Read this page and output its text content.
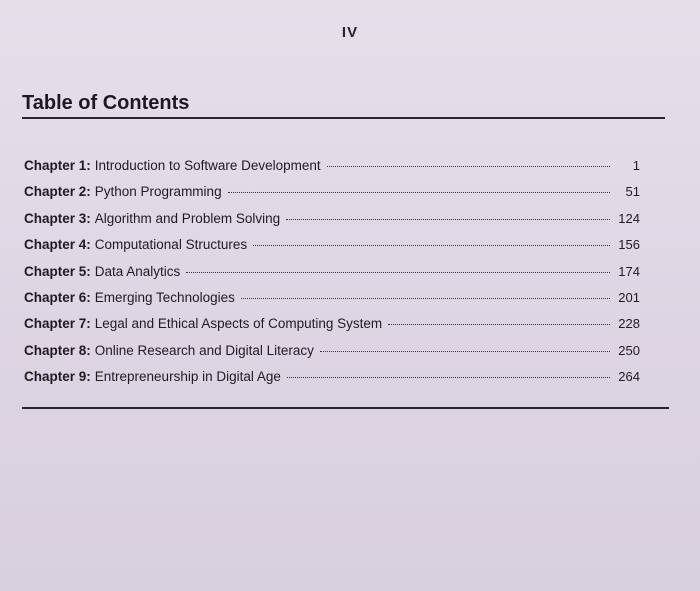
IV
Table of Contents
Chapter 1: Introduction to Software Development	1
Chapter 2: Python Programming	51
Chapter 3: Algorithm and Problem Solving	124
Chapter 4: Computational Structures	156
Chapter 5: Data Analytics	174
Chapter 6: Emerging Technologies	201
Chapter 7: Legal and Ethical Aspects of Computing System	228
Chapter 8: Online Research and Digital Literacy	250
Chapter 9: Entrepreneurship in Digital Age	264
